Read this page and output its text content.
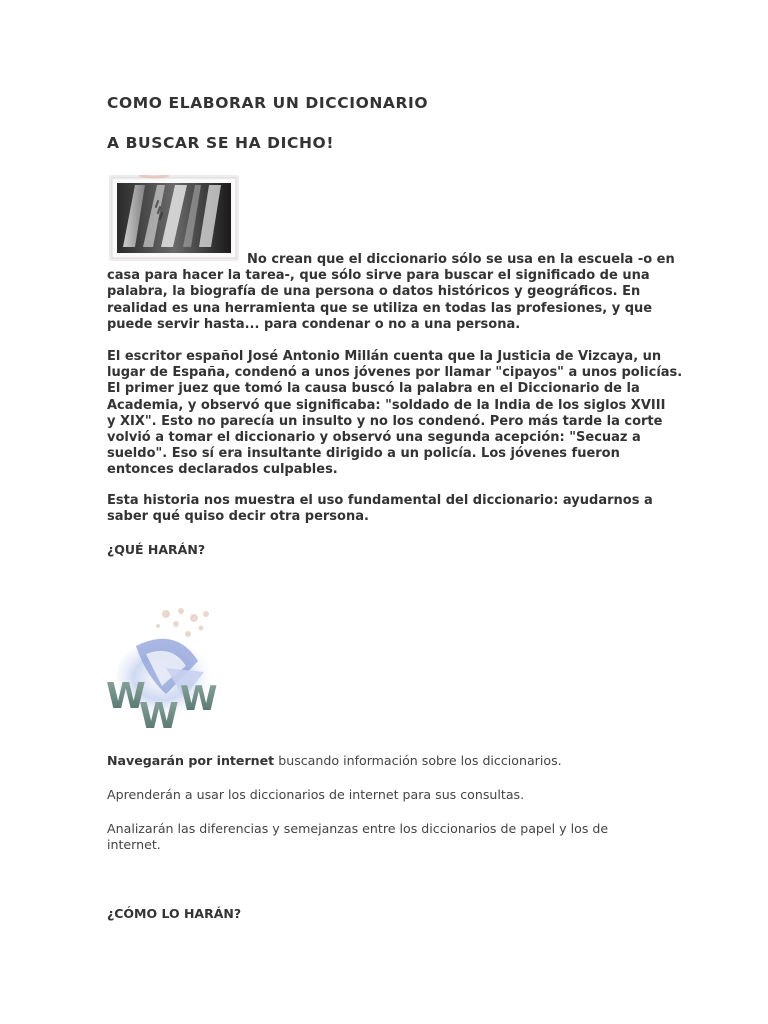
COMO ELABORAR UN DICCIONARIO
A BUSCAR SE HA DICHO!
No crean que el diccionario sólo se usa en la escuela -o en
casa para hacer la tarea-, que sólo sirve para buscar el significado de una
palabra, la biografía de una persona o datos históricos y geográficos. En
realidad es una herramienta que se utiliza en todas las profesiones, y que
puede servir hasta... para condenar o no a una persona.
El escritor español José Antonio Millán cuenta que la Justicia de Vizcaya, un
lugar de España, condenó a unos jóvenes por llamar "cipayos" a unos policías.
El primer juez que tomó la causa buscó la palabra en el Diccionario de la
Academia, y observó que significaba: "soldado de la India de los siglos XVIII
y XIX". Esto no parecía un insulto y no los condenó. Pero más tarde la corte
volvió a tomar el diccionario y observó una segunda acepción: "Secuaz a
sueldo". Eso sí era insultante dirigido a un policía. Los jóvenes fueron
entonces declarados culpables.
Esta historia nos muestra el uso fundamental del diccionario: ayudarnos a
saber qué quiso decir otra persona.
¿QUÉ HARÁN?
W
W W
Navegarán por internet buscando información sobre los diccionarios.
Aprenderán a usar los diccionarios de internet para sus consultas.
Analizarán las diferencias y semejanzas entre los diccionarios de papel y los de
internet.
¿CÓMO LO HARÁN?
